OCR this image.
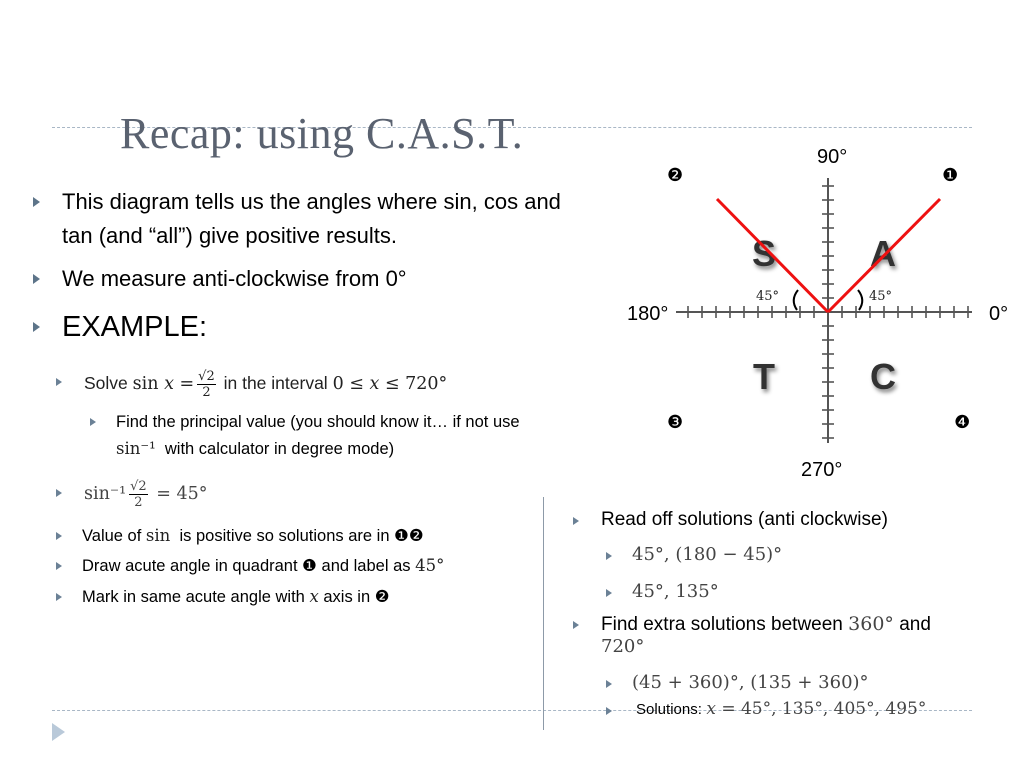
Recap: using C.A.S.T.
This diagram tells us the angles where sin, cos and
tan (and “all”) give positive results.
We measure anti-clockwise from 0°
EXAMPLE:
Solve sin 𝑥 = $\frac{√2}{2}$ in the interval 0 ≤ 𝑥 ≤ 720°
Find the principal value (you should know it… if not use
sin⁻¹ with calculator in degree mode)
$\sin^{-1} \frac{√2}{2} = 45^\circ$
Value of sin is positive so solutions are in ❶❷
Draw acute angle in quadrant ❶ and label as 45°
Mark in same acute angle with 𝑥 axis in ❷
Read off solutions (anti clockwise)
45°, (180 − 45)°
45°, 135°
Find extra solutions between 360° and
720°
(45 + 360)°, (135 + 360)°
Solutions: 𝑥 = 45°, 135°, 405°, 495°
S	A
T	C
45°	45°
90°
180°	0°
270°
❷	❶
❸	❹
